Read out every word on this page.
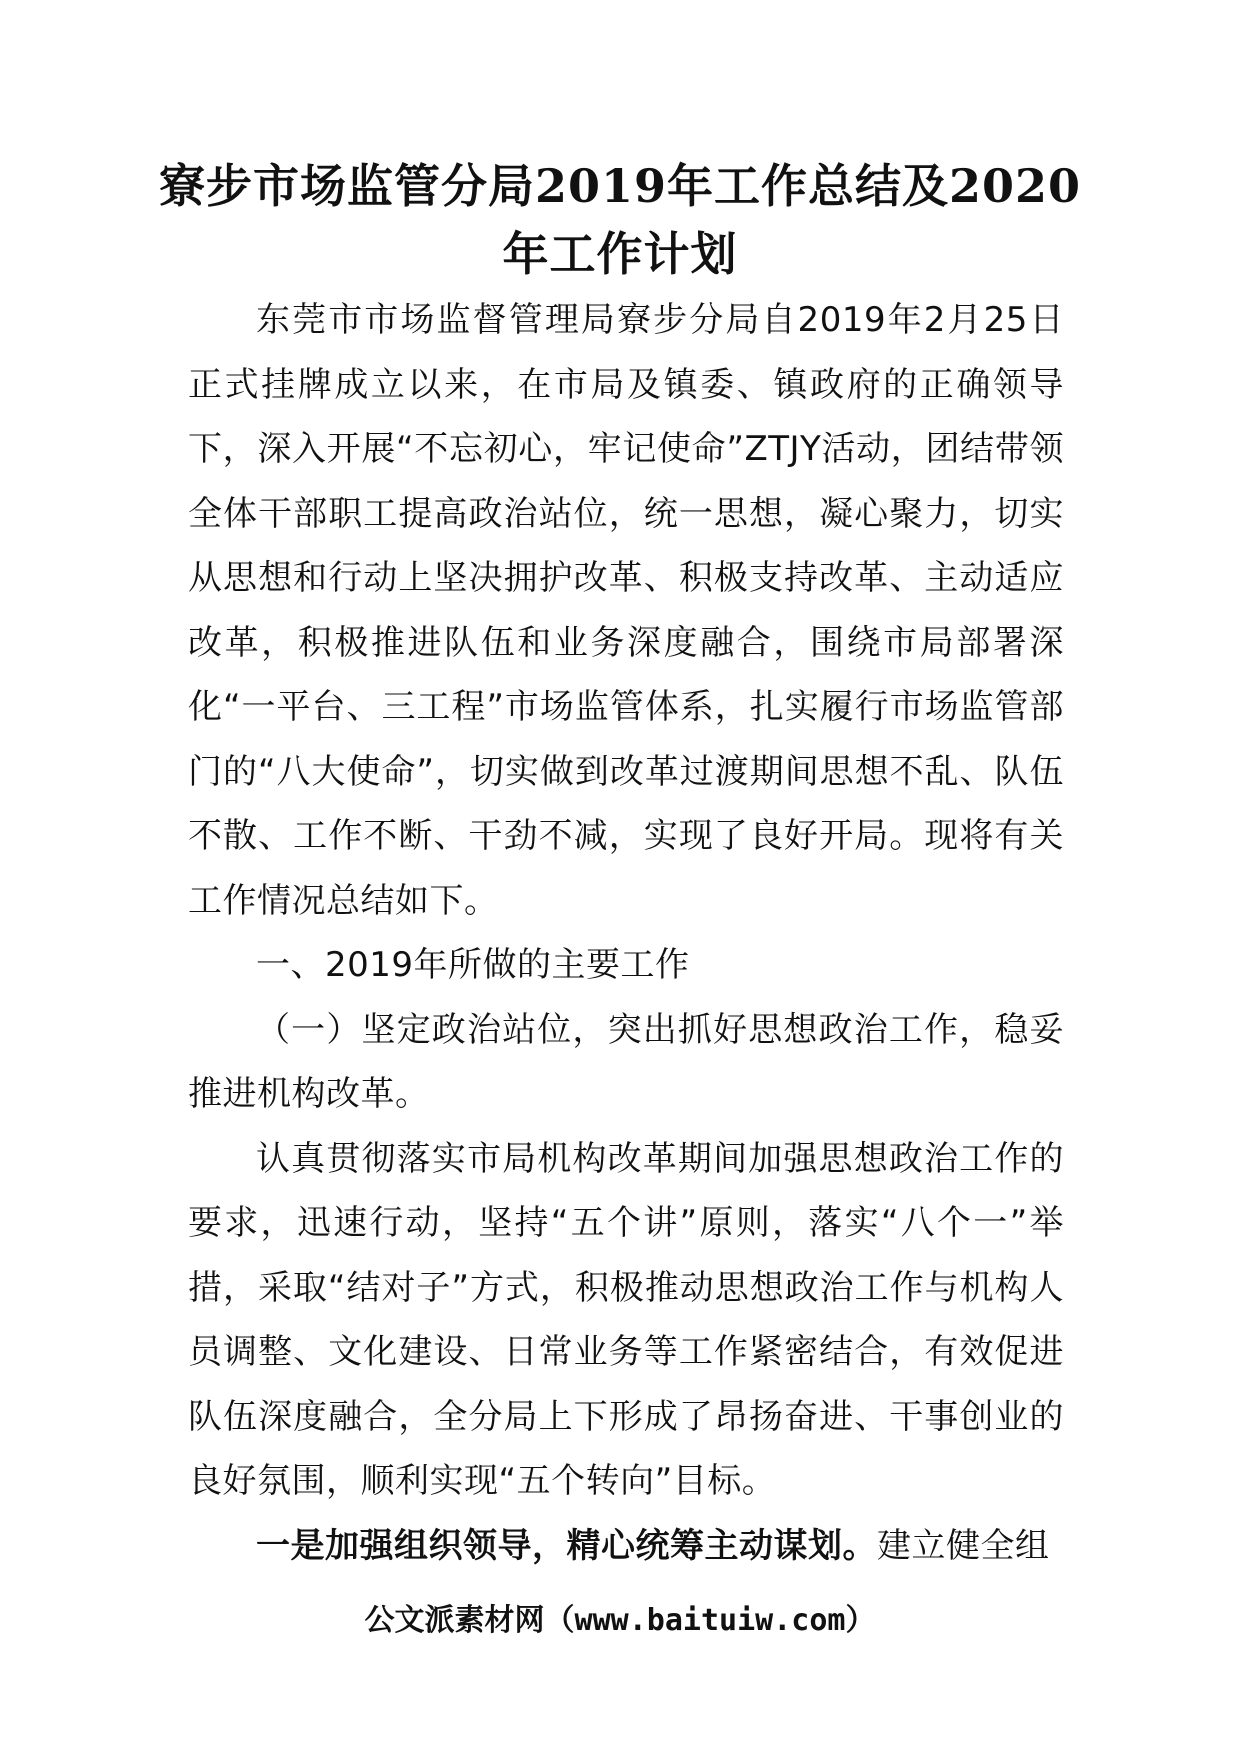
寮步市场监管分局2019年工作总结及2020
年工作计划

东莞市市场监督管理局寮步分局自2019年2月25日正式挂牌成立以来，在市局及镇委、镇政府的正确领导下，深入开展“不忘初心，牢记使命”ZTJY活动，团结带领全体干部职工提高政治站位，统一思想，凝心聚力，切实从思想和行动上坚决拥护改革、积极支持改革、主动适应改革，积极推进队伍和业务深度融合，围绕市局部署深化“一平台、三工程”市场监管体系，扎实履行市场监管部门的“八大使命”，切实做到改革过渡期间思想不乱、队伍不散、工作不断、干劲不减，实现了良好开局。现将有关工作情况总结如下。

一、2019年所做的主要工作

（一）坚定政治站位，突出抓好思想政治工作，稳妥推进机构改革。

认真贯彻落实市局机构改革期间加强思想政治工作的要求，迅速行动，坚持“五个讲”原则，落实“八个一”举措，采取“结对子”方式，积极推动思想政治工作与机构人员调整、文化建设、日常业务等工作紧密结合，有效促进队伍深度融合，全分局上下形成了昂扬奋进、干事创业的良好氛围，顺利实现“五个转向”目标。

一是加强组织领导，精心统筹主动谋划。建立健全组

公文派素材网（www.baituiw.com）
